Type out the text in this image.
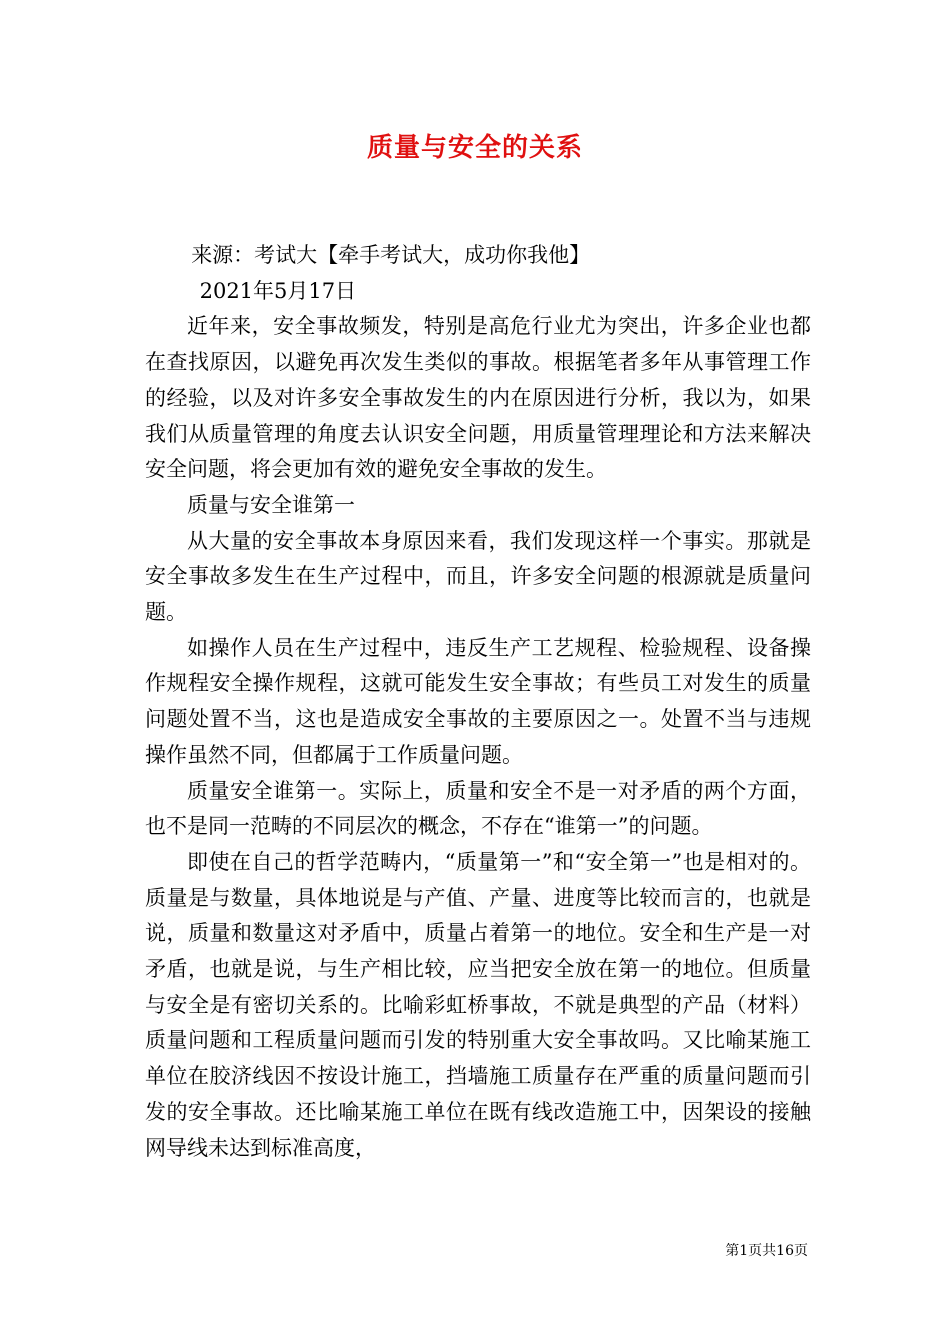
质量与安全的关系

来源：考试大【牵手考试大，成功你我他】

2021年5月17日

近年来，安全事故频发，特别是高危行业尤为突出，许多企业也都在查找原因，以避免再次发生类似的事故。根据笔者多年从事管理工作的经验，以及对许多安全事故发生的内在原因进行分析，我以为，如果我们从质量管理的角度去认识安全问题，用质量管理理论和方法来解决安全问题，将会更加有效的避免安全事故的发生。

质量与安全谁第一

从大量的安全事故本身原因来看，我们发现这样一个事实。那就是安全事故多发生在生产过程中，而且，许多安全问题的根源就是质量问题。

如操作人员在生产过程中，违反生产工艺规程、检验规程、设备操作规程安全操作规程，这就可能发生安全事故；有些员工对发生的质量问题处置不当，这也是造成安全事故的主要原因之一。处置不当与违规操作虽然不同，但都属于工作质量问题。

质量安全谁第一。实际上，质量和安全不是一对矛盾的两个方面，也不是同一范畴的不同层次的概念，不存在“谁第一”的问题。

即使在自己的哲学范畴内，“质量第一”和“安全第一”也是相对的。质量是与数量，具体地说是与产值、产量、进度等比较而言的，也就是说，质量和数量这对矛盾中，质量占着第一的地位。安全和生产是一对矛盾，也就是说，与生产相比较，应当把安全放在第一的地位。但质量与安全是有密切关系的。比喻彩虹桥事故，不就是典型的产品（材料）质量问题和工程质量问题而引发的特别重大安全事故吗。又比喻某施工单位在胶济线因不按设计施工，挡墙施工质量存在严重的质量问题而引发的安全事故。还比喻某施工单位在既有线改造施工中，因架设的接触网导线未达到标准高度，

第1页共16页
